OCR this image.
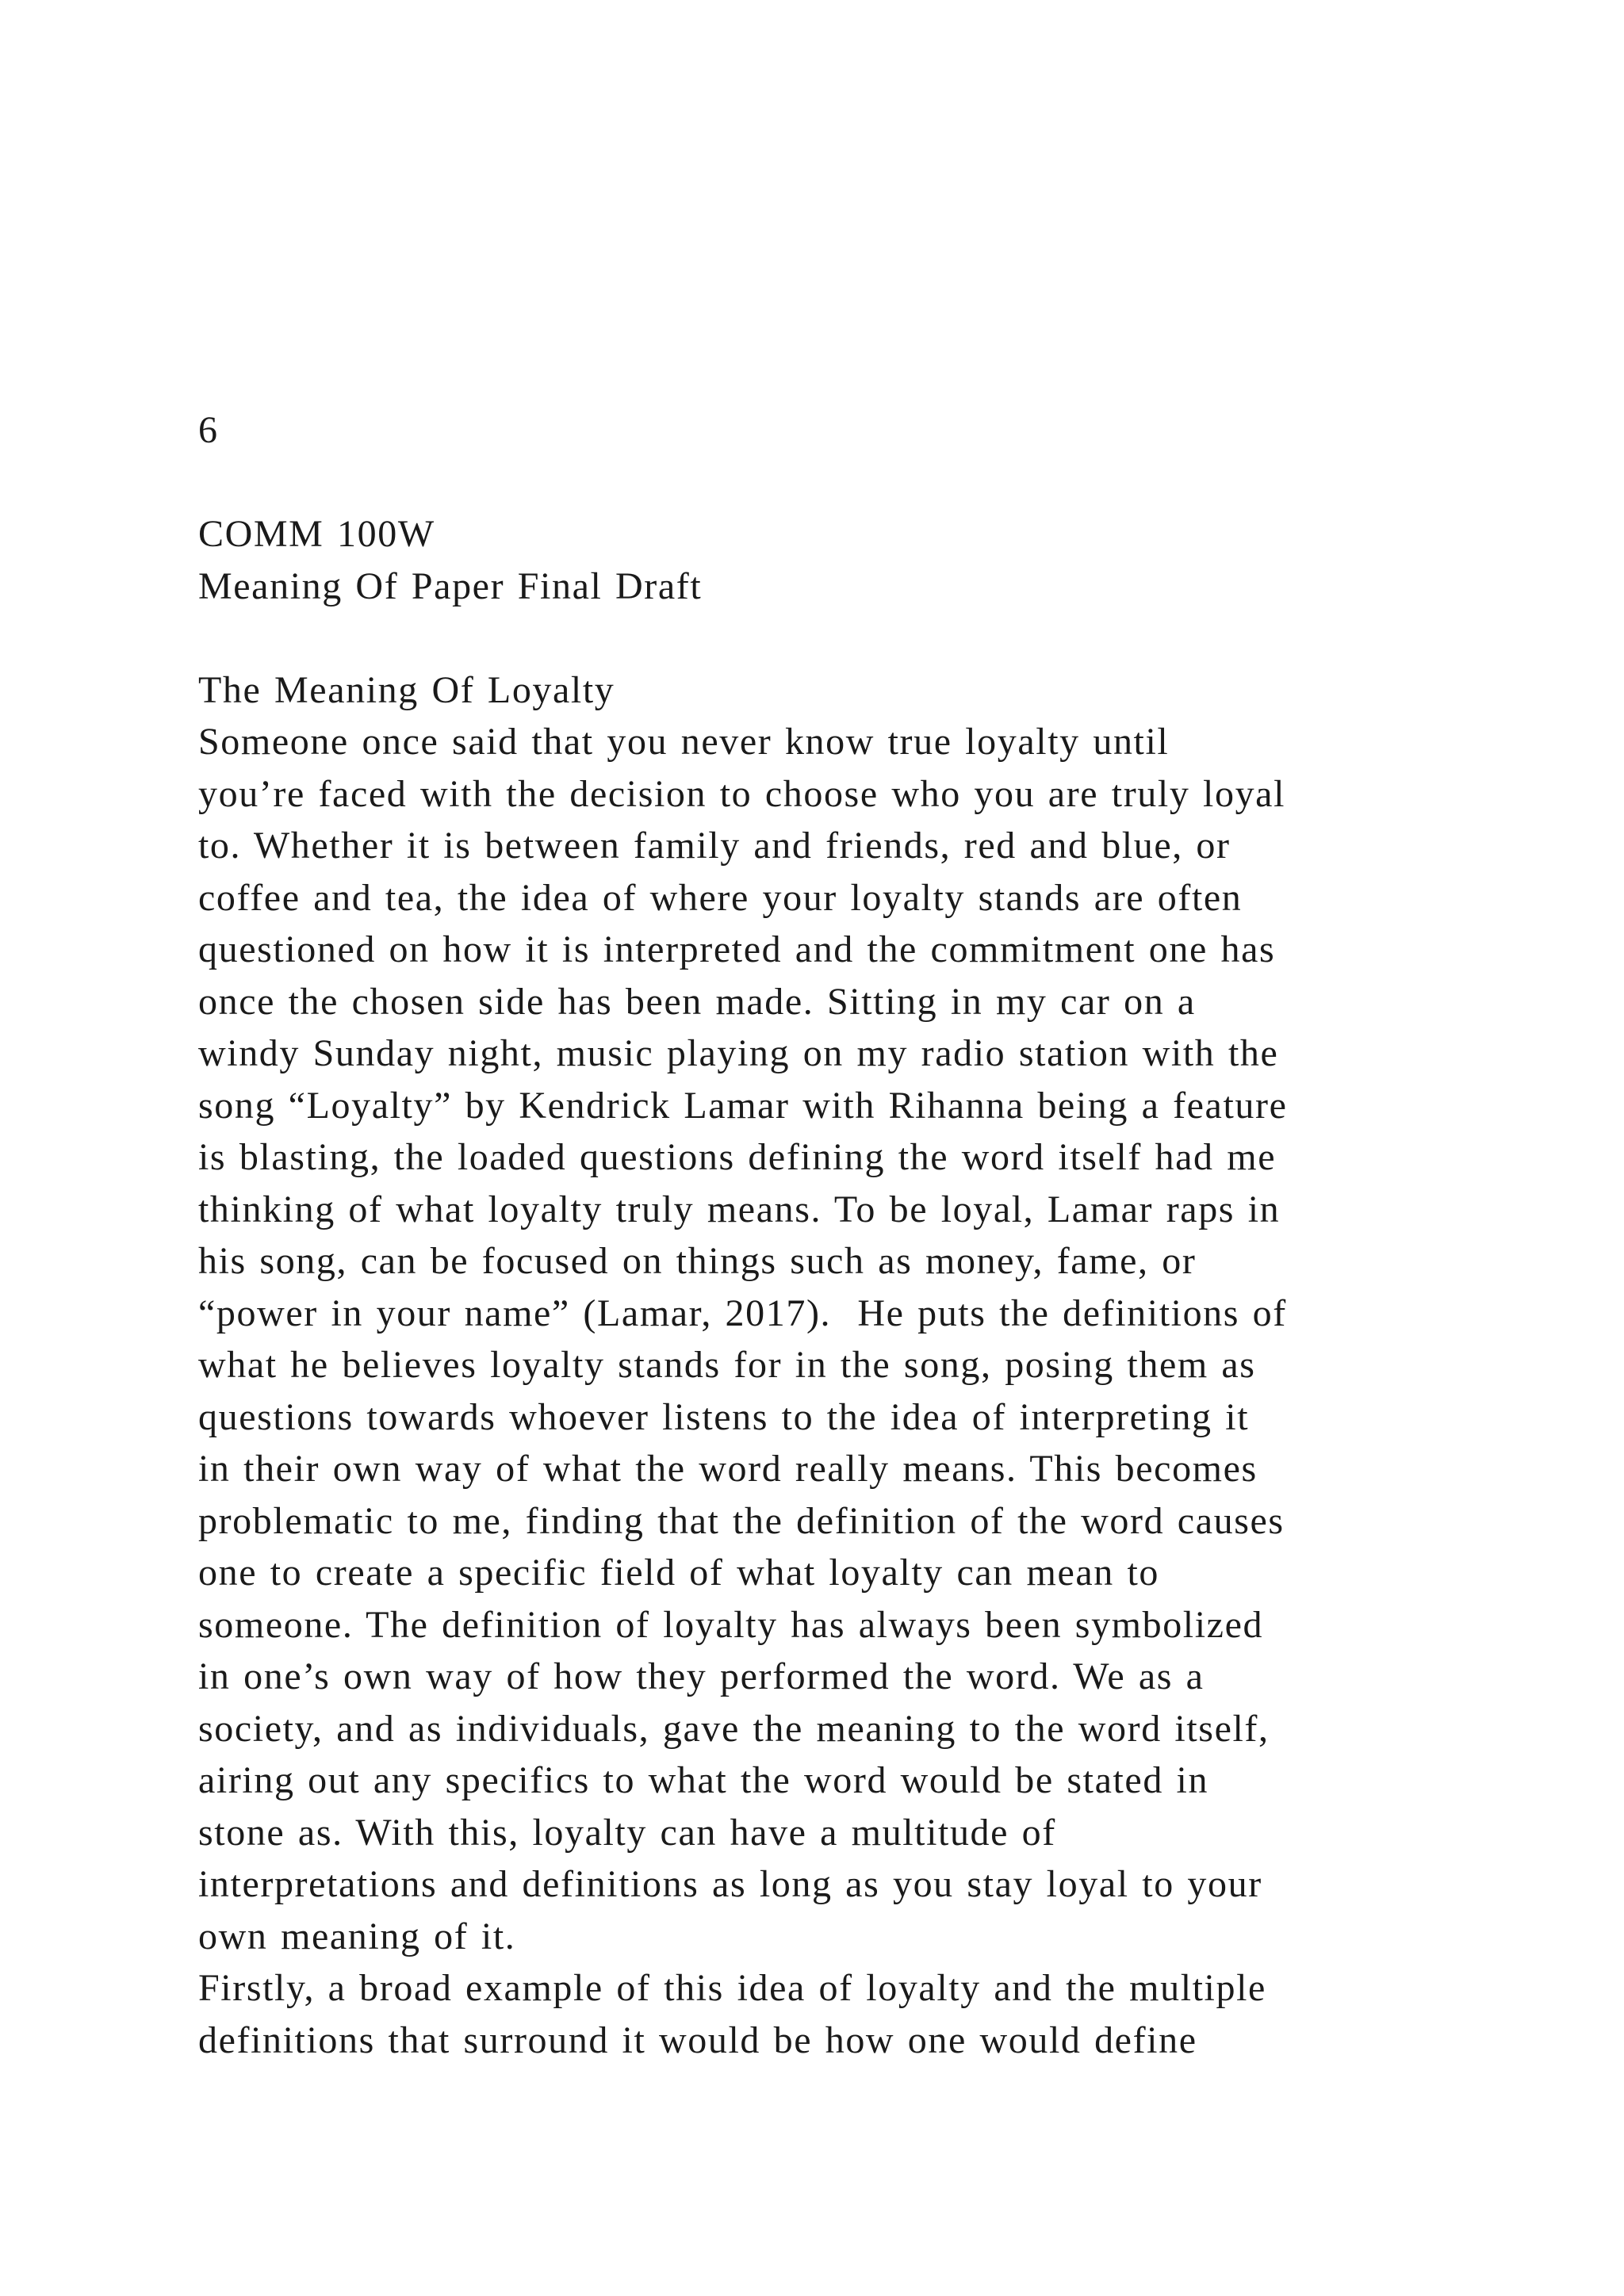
6
COMM 100W
Meaning Of Paper Final Draft
The Meaning Of Loyalty
Someone once said that you never know true loyalty until
you’re faced with the decision to choose who you are truly loyal
to. Whether it is between family and friends, red and blue, or
coffee and tea, the idea of where your loyalty stands are often
questioned on how it is interpreted and the commitment one has
once the chosen side has been made. Sitting in my car on a
windy Sunday night, music playing on my radio station with the
song “Loyalty” by Kendrick Lamar with Rihanna being a feature
is blasting, the loaded questions defining the word itself had me
thinking of what loyalty truly means. To be loyal, Lamar raps in
his song, can be focused on things such as money, fame, or
“power in your name” (Lamar, 2017).  He puts the definitions of
what he believes loyalty stands for in the song, posing them as
questions towards whoever listens to the idea of interpreting it
in their own way of what the word really means. This becomes
problematic to me, finding that the definition of the word causes
one to create a specific field of what loyalty can mean to
someone. The definition of loyalty has always been symbolized
in one’s own way of how they performed the word. We as a
society, and as individuals, gave the meaning to the word itself,
airing out any specifics to what the word would be stated in
stone as. With this, loyalty can have a multitude of
interpretations and definitions as long as you stay loyal to your
own meaning of it.
Firstly, a broad example of this idea of loyalty and the multiple
definitions that surround it would be how one would define
